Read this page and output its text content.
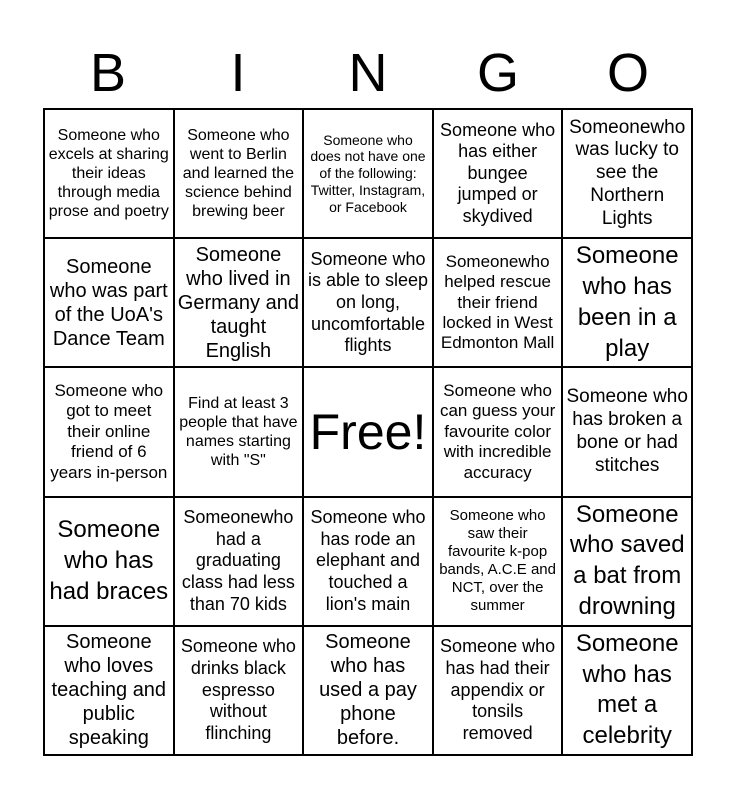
B	I	N	G	O
Someone who excels at sharing their ideas through media prose and poetry
Someone who went to Berlin and learned the science behind brewing beer
Someone who does not have one of the following: Twitter, Instagram, or Facebook
Someone who has either bungee jumped or skydived
Someonewho was lucky to see the Northern Lights
Someone who was part of the UoA's Dance Team
Someone who lived in Germany and taught English
Someone who is able to sleep on long, uncomfortable flights
Someonewho helped rescue their friend locked in West Edmonton Mall
Someone who has been in a play
Someone who got to meet their online friend of 6 years in-person
Find at least 3 people that have names starting with "S"
Free!
Someone who can guess your favourite color with incredible accuracy
Someone who has broken a bone or had stitches
Someone who has had braces
Someonewho had a graduating class had less than 70 kids
Someone who has rode an elephant and touched a lion's main
Someone who saw their favourite k-pop bands, A.C.E and NCT, over the summer
Someone who saved a bat from drowning
Someone who loves teaching and public speaking
Someone who drinks black espresso without flinching
Someone who has used a pay phone before.
Someone who has had their appendix or tonsils removed
Someone who has met a celebrity
